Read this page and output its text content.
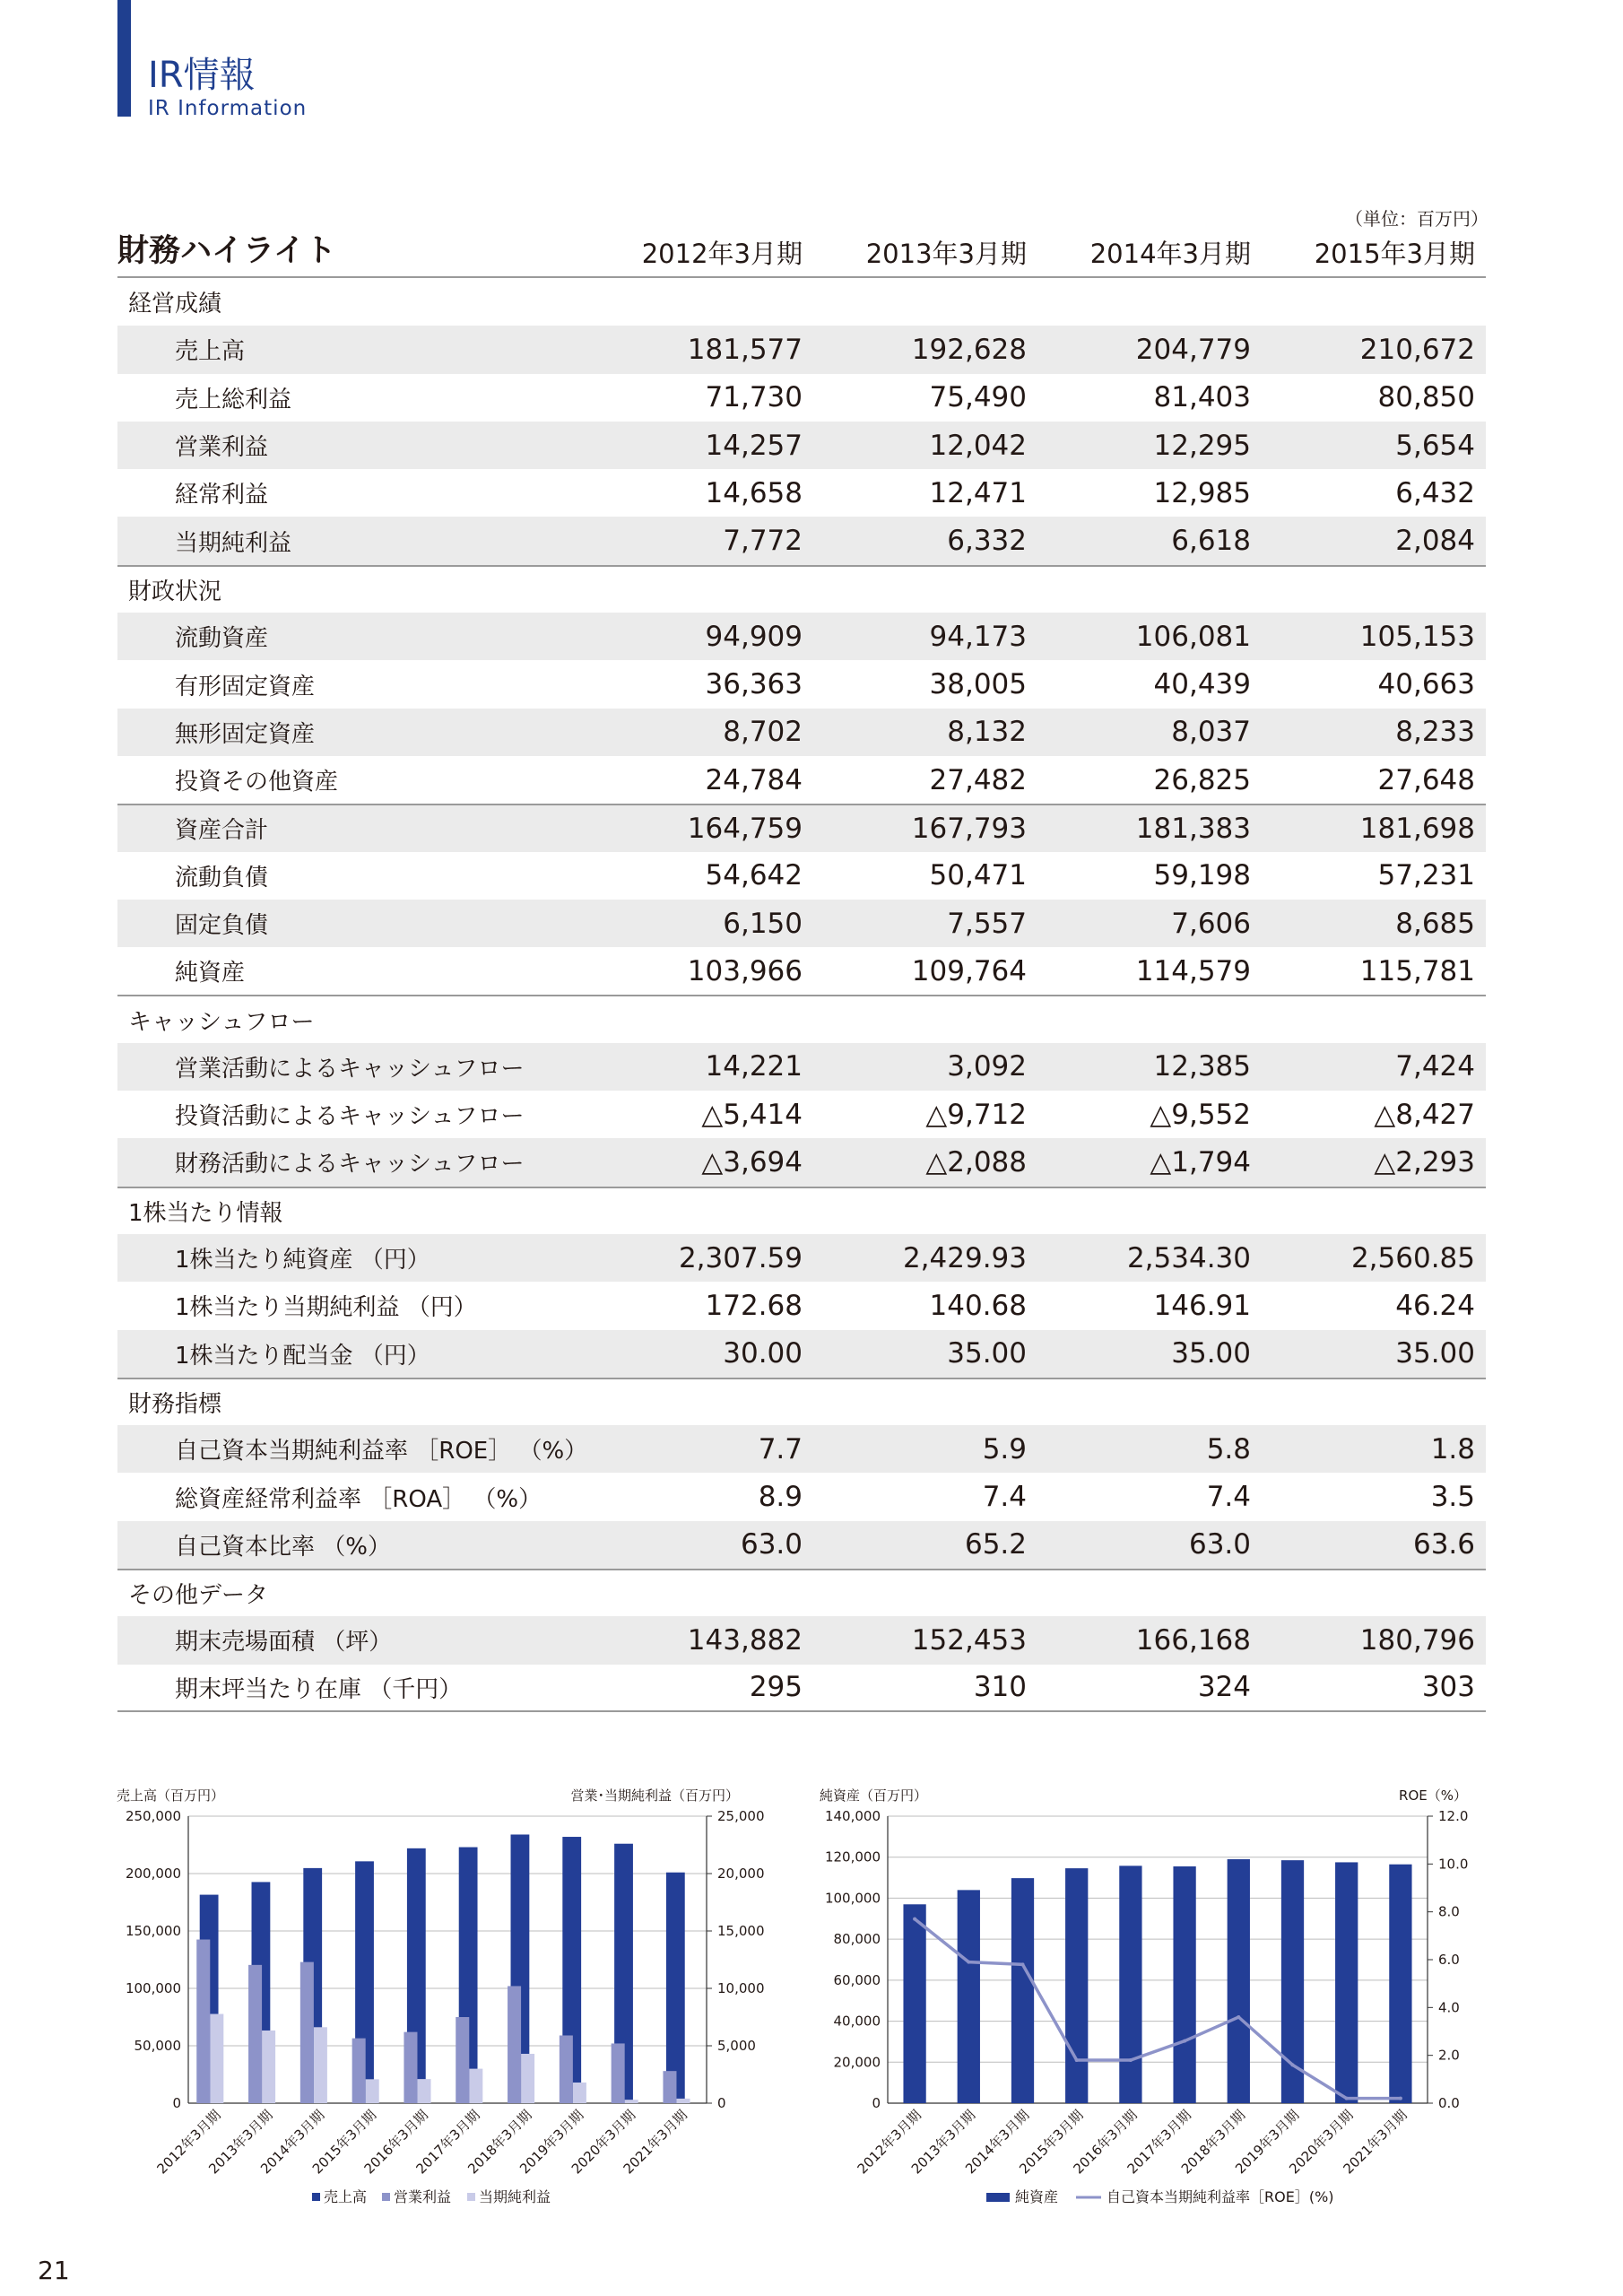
IR情報
IR Information
（単位：百万円）
財務ハイライト	2012年3月期	2013年3月期	2014年3月期	2015年3月期
経営成績
売上高	181,577	192,628	204,779	210,672
売上総利益	71,730	75,490	81,403	80,850
営業利益	14,257	12,042	12,295	5,654
経常利益	14,658	12,471	12,985	6,432
当期純利益	7,772	6,332	6,618	2,084
財政状況
流動資産	94,909	94,173	106,081	105,153
有形固定資産	36,363	38,005	40,439	40,663
無形固定資産	8,702	8,132	8,037	8,233
投資その他資産	24,784	27,482	26,825	27,648
資産合計	164,759	167,793	181,383	181,698
流動負債	54,642	50,471	59,198	57,231
固定負債	6,150	7,557	7,606	8,685
純資産	103,966	109,764	114,579	115,781
キャッシュフロー
営業活動によるキャッシュフロー	14,221	3,092	12,385	7,424
投資活動によるキャッシュフロー	△5,414	△9,712	△9,552	△8,427
財務活動によるキャッシュフロー	△3,694	△2,088	△1,794	△2,293
1株当たり情報
1株当たり純資産 （円）	2,307.59	2,429.93	2,534.30	2,560.85
1株当たり当期純利益 （円）	172.68	140.68	146.91	46.24
1株当たり配当金 （円）	30.00	35.00	35.00	35.00
財務指標
自己資本当期純利益率 ［ROE］ （%）	7.7	5.9	5.8	1.8
総資産経常利益率 ［ROA］ （%）	8.9	7.4	7.4	3.5
自己資本比率 （%）	63.0	65.2	63.0	63.6
その他データ
期末売場面積 （坪）	143,882	152,453	166,168	180,796
期末坪当たり在庫 （千円）	295	310	324	303
売上高（百万円）	営業･当期純利益（百万円）
0
50,000
100,000
150,000
200,000
250,000
0
5,000
10,000
15,000
20,000
25,000
2012年3月期
2013年3月期
2014年3月期
2015年3月期
2016年3月期
2017年3月期
2018年3月期
2019年3月期
2020年3月期
2021年3月期
売上高 営業利益 当期純利益
純資産（百万円）	ROE（%）
0
20,000
40,000
60,000
80,000
100,000
120,000
140,000
0.0
2.0
4.0
6.0
8.0
10.0
12.0
2012年3月期
2013年3月期
2014年3月期
2015年3月期
2016年3月期
2017年3月期
2018年3月期
2019年3月期
2020年3月期
2021年3月期
純資産	自己資本当期純利益率［ROE］(%)
21
